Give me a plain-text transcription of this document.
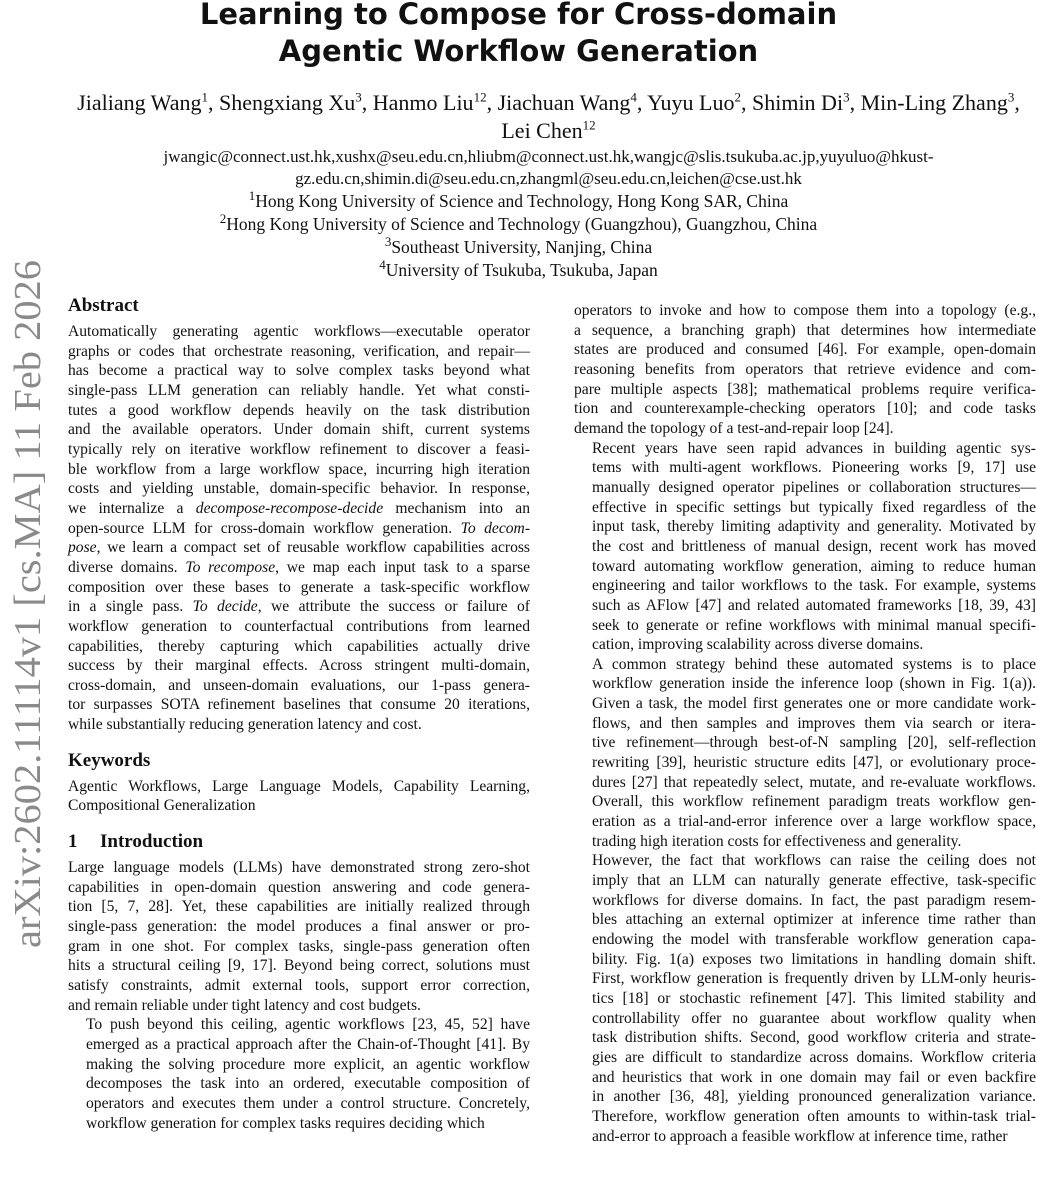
arXiv:2602.11114v1 [cs.MA] 11 Feb 2026
Learning to Compose for Cross-domain
Agentic Workflow Generation
Jialiang Wang$^1$, Shengxiang Xu$^3$, Hanmo Liu$^{12}$, Jiachuan Wang$^4$, Yuyu Luo$^2$, Shimin Di$^3$, Min-Ling Zhang$^3$, Lei Chen$^{12}$
jwangic@connect.ust.hk,xushx@seu.edu.cn,hliubm@connect.ust.hk,wangjc@slis.tsukuba.ac.jp,yuyuluo@hkust-
gz.edu.cn,shimin.di@seu.edu.cn,zhangml@seu.edu.cn,leichen@cse.ust.hk
$^1$Hong Kong University of Science and Technology, Hong Kong SAR, China
$^2$Hong Kong University of Science and Technology (Guangzhou), Guangzhou, China
$^3$Southeast University, Nanjing, China
$^4$University of Tsukuba, Tsukuba, Japan
Abstract

Automatically generating agentic workflows—executable operator
graphs or codes that orchestrate reasoning, verification, and repair—
has become a practical way to solve complex tasks beyond what
single-pass LLM generation can reliably handle. Yet what consti-
tutes a good workflow depends heavily on the task distribution
and the available operators. Under domain shift, current systems
typically rely on iterative workflow refinement to discover a feasi-
ble workflow from a large workflow space, incurring high iteration
costs and yielding unstable, domain-specific behavior. In response,
we internalize a decompose-recompose-decide mechanism into an
open-source LLM for cross-domain workflow generation. To decom-
pose, we learn a compact set of reusable workflow capabilities across
diverse domains. To recompose, we map each input task to a sparse
composition over these bases to generate a task-specific workflow
in a single pass. To decide, we attribute the success or failure of
workflow generation to counterfactual contributions from learned
capabilities, thereby capturing which capabilities actually drive
success by their marginal effects. Across stringent multi-domain,
cross-domain, and unseen-domain evaluations, our 1-pass genera-
tor surpasses SOTA refinement baselines that consume 20 iterations,
while substantially reducing generation latency and cost.

Keywords

Agentic Workflows, Large Language Models, Capability Learning,
Compositional Generalization

1 Introduction

Large language models (LLMs) have demonstrated strong zero-shot
capabilities in open-domain question answering and code genera-
tion [5, 7, 28]. Yet, these capabilities are initially realized through
single-pass generation: the model produces a final answer or pro-
gram in one shot. For complex tasks, single-pass generation often
hits a structural ceiling [9, 17]. Beyond being correct, solutions must
satisfy constraints, admit external tools, support error correction,
and remain reliable under tight latency and cost budgets.

To push beyond this ceiling, agentic workflows [23, 45, 52] have
emerged as a practical approach after the Chain-of-Thought [41]. By
making the solving procedure more explicit, an agentic workflow
decomposes the task into an ordered, executable composition of
operators and executes them under a control structure. Concretely,
workflow generation for complex tasks requires deciding which

operators to invoke and how to compose them into a topology (e.g.,
a sequence, a branching graph) that determines how intermediate
states are produced and consumed [46]. For example, open-domain
reasoning benefits from operators that retrieve evidence and com-
pare multiple aspects [38]; mathematical problems require verifica-
tion and counterexample-checking operators [10]; and code tasks
demand the topology of a test-and-repair loop [24].

Recent years have seen rapid advances in building agentic sys-
tems with multi-agent workflows. Pioneering works [9, 17] use
manually designed operator pipelines or collaboration structures—
effective in specific settings but typically fixed regardless of the
input task, thereby limiting adaptivity and generality. Motivated by
the cost and brittleness of manual design, recent work has moved
toward automating workflow generation, aiming to reduce human
engineering and tailor workflows to the task. For example, systems
such as AFlow [47] and related automated frameworks [18, 39, 43]
seek to generate or refine workflows with minimal manual specifi-
cation, improving scalability across diverse domains.

A common strategy behind these automated systems is to place
workflow generation inside the inference loop (shown in Fig. 1(a)).
Given a task, the model first generates one or more candidate work-
flows, and then samples and improves them via search or itera-
tive refinement—through best-of-N sampling [20], self-reflection
rewriting [39], heuristic structure edits [47], or evolutionary proce-
dures [27] that repeatedly select, mutate, and re-evaluate workflows.
Overall, this workflow refinement paradigm treats workflow gen-
eration as a trial-and-error inference over a large workflow space,
trading high iteration costs for effectiveness and generality.

However, the fact that workflows can raise the ceiling does not
imply that an LLM can naturally generate effective, task-specific
workflows for diverse domains. In fact, the past paradigm resem-
bles attaching an external optimizer at inference time rather than
endowing the model with transferable workflow generation capa-
bility. Fig. 1(a) exposes two limitations in handling domain shift.
First, workflow generation is frequently driven by LLM-only heuris-
tics [18] or stochastic refinement [47]. This limited stability and
controllability offer no guarantee about workflow quality when
task distribution shifts. Second, good workflow criteria and strate-
gies are difficult to standardize across domains. Workflow criteria
and heuristics that work in one domain may fail or even backfire
in another [36, 48], yielding pronounced generalization variance.
Therefore, workflow generation often amounts to within-task trial-
and-error to approach a feasible workflow at inference time, rather
